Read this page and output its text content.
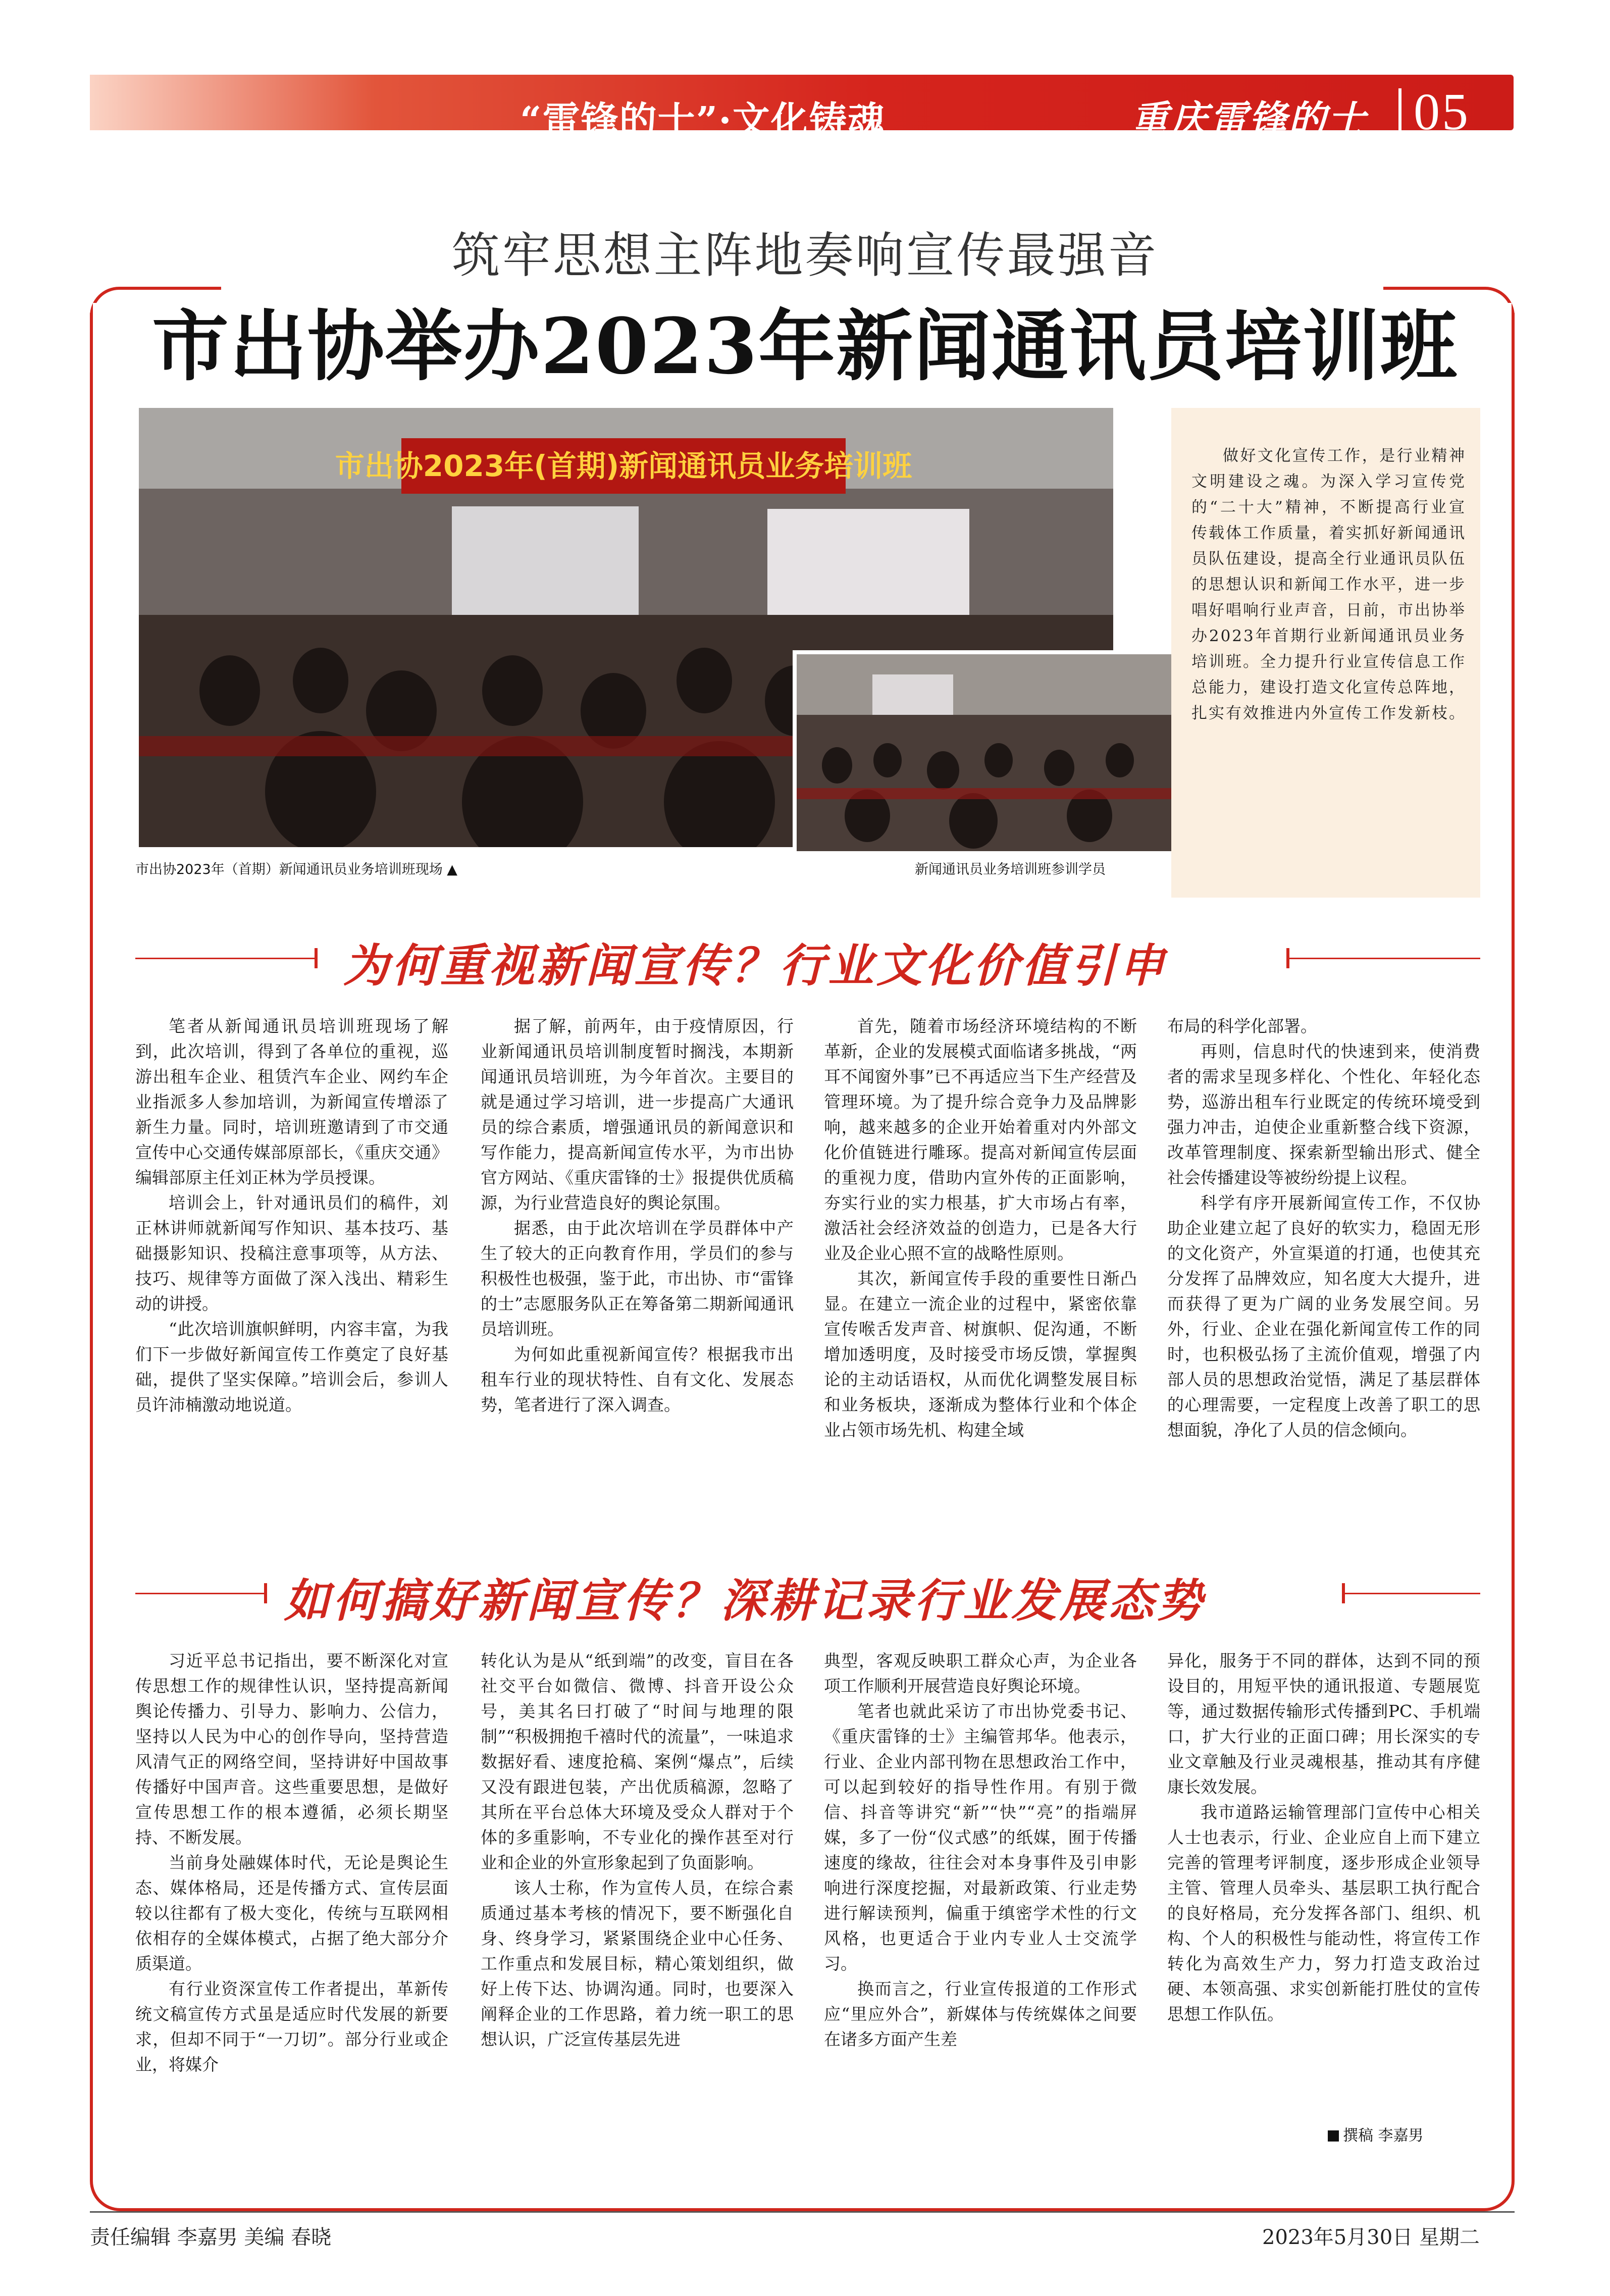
“雷锋的士”·文化铸魂	重庆雷锋的士 05
筑牢思想主阵地奏响宣传最强音
市出协举办2023年新闻通讯员培训班
市出协2023年(首期)新闻通讯员业务培训班
市出协2023年（首期）新闻通讯员业务培训班现场 ▲	新闻通讯员业务培训班参训学员

做好文化宣传工作，是行业精神文明建设之魂。为深入学习宣传党的“二十大”精神，不断提高行业宣传载体工作质量，着实抓好新闻通讯员队伍建设，提高全行业通讯员队伍的思想认识和新闻工作水平，进一步唱好唱响行业声音，日前，市出协举办2023年首期行业新闻通讯员业务培训班。全力提升行业宣传信息工作总能力，建设打造文化宣传总阵地，扎实有效推进内外宣传工作发新枝。

为何重视新闻宣传？行业文化价值引申

笔者从新闻通讯员培训班现场了解到，此次培训，得到了各单位的重视，巡游出租车企业、租赁汽车企业、网约车企业指派多人参加培训，为新闻宣传增添了新生力量。同时，培训班邀请到了市交通宣传中心交通传媒部原部长，《重庆交通》编辑部原主任刘正林为学员授课。

培训会上，针对通讯员们的稿件，刘正林讲师就新闻写作知识、基本技巧、基础摄影知识、投稿注意事项等，从方法、技巧、规律等方面做了深入浅出、精彩生动的讲授。

“此次培训旗帜鲜明，内容丰富，为我们下一步做好新闻宣传工作奠定了良好基础，提供了坚实保障。”培训会后，参训人员许沛楠激动地说道。

据了解，前两年，由于疫情原因，行业新闻通讯员培训制度暂时搁浅，本期新闻通讯员培训班，为今年首次。主要目的就是通过学习培训，进一步提高广大通讯员的综合素质，增强通讯员的新闻意识和写作能力，提高新闻宣传水平，为市出协官方网站、《重庆雷锋的士》报提供优质稿源，为行业营造良好的舆论氛围。

据悉，由于此次培训在学员群体中产生了较大的正向教育作用，学员们的参与积极性也极强，鉴于此，市出协、市“雷锋的士”志愿服务队正在筹备第二期新闻通讯员培训班。

为何如此重视新闻宣传？根据我市出租车行业的现状特性、自有文化、发展态势，笔者进行了深入调查。

首先，随着市场经济环境结构的不断革新，企业的发展模式面临诸多挑战，“两耳不闻窗外事”已不再适应当下生产经营及管理环境。为了提升综合竞争力及品牌影响，越来越多的企业开始着重对内外部文化价值链进行雕琢。提高对新闻宣传层面的重视力度，借助内宣外传的正面影响，夯实行业的实力根基，扩大市场占有率，激活社会经济效益的创造力，已是各大行业及企业心照不宣的战略性原则。

其次，新闻宣传手段的重要性日渐凸显。在建立一流企业的过程中，紧密依靠宣传喉舌发声音、树旗帜、促沟通，不断增加透明度，及时接受市场反馈，掌握舆论的主动话语权，从而优化调整发展目标和业务板块，逐渐成为整体行业和个体企业占领市场先机、构建全域

布局的科学化部署。

再则，信息时代的快速到来，使消费者的需求呈现多样化、个性化、年轻化态势，巡游出租车行业既定的传统环境受到强力冲击，迫使企业重新整合线下资源，改革管理制度、探索新型输出形式、健全社会传播建设等被纷纷提上议程。

科学有序开展新闻宣传工作，不仅协助企业建立起了良好的软实力，稳固无形的文化资产，外宣渠道的打通，也使其充分发挥了品牌效应，知名度大大提升，进而获得了更为广阔的业务发展空间。另外，行业、企业在强化新闻宣传工作的同时，也积极弘扬了主流价值观，增强了内部人员的思想政治觉悟，满足了基层群体的心理需要，一定程度上改善了职工的思想面貌，净化了人员的信念倾向。

如何搞好新闻宣传？深耕记录行业发展态势

习近平总书记指出，要不断深化对宣传思想工作的规律性认识，坚持提高新闻舆论传播力、引导力、影响力、公信力，坚持以人民为中心的创作导向，坚持营造风清气正的网络空间，坚持讲好中国故事传播好中国声音。这些重要思想，是做好宣传思想工作的根本遵循，必须长期坚持、不断发展。

当前身处融媒体时代，无论是舆论生态、媒体格局，还是传播方式、宣传层面较以往都有了极大变化，传统与互联网相依相存的全媒体模式，占据了绝大部分介质渠道。

有行业资深宣传工作者提出，革新传统文稿宣传方式虽是适应时代发展的新要求，但却不同于“一刀切”。部分行业或企业，将媒介

转化认为是从“纸到端”的改变，盲目在各社交平台如微信、微博、抖音开设公众号，美其名曰打破了“时间与地理的限制”“积极拥抱千禧时代的流量”，一味追求数据好看、速度抢稿、案例“爆点”，后续又没有跟进包装，产出优质稿源，忽略了其所在平台总体大环境及受众人群对于个体的多重影响，不专业化的操作甚至对行业和企业的外宣形象起到了负面影响。

该人士称，作为宣传人员，在综合素质通过基本考核的情况下，要不断强化自身、终身学习，紧紧围绕企业中心任务、工作重点和发展目标，精心策划组织，做好上传下达、协调沟通。同时，也要深入阐释企业的工作思路，着力统一职工的思想认识，广泛宣传基层先进

典型，客观反映职工群众心声，为企业各项工作顺利开展营造良好舆论环境。

笔者也就此采访了市出协党委书记、《重庆雷锋的士》主编管邦华。他表示，行业、企业内部刊物在思想政治工作中，可以起到较好的指导性作用。有别于微信、抖音等讲究“新”“快”“亮”的指端屏媒，多了一份“仪式感”的纸媒，囿于传播速度的缘故，往往会对本身事件及引申影响进行深度挖掘，对最新政策、行业走势进行解读预判，偏重于缜密学术性的行文风格，也更适合于业内专业人士交流学习。

换而言之，行业宣传报道的工作形式应“里应外合”，新媒体与传统媒体之间要在诸多方面产生差

异化，服务于不同的群体，达到不同的预设目的，用短平快的通讯报道、专题展览等，通过数据传输形式传播到PC、手机端口，扩大行业的正面口碑；用长深实的专业文章触及行业灵魂根基，推动其有序健康长效发展。

我市道路运输管理部门宣传中心相关人士也表示，行业、企业应自上而下建立完善的管理考评制度，逐步形成企业领导主管、管理人员牵头、基层职工执行配合的良好格局，充分发挥各部门、组织、机构、个人的积极性与能动性，将宣传工作转化为高效生产力，努力打造支政治过硬、本领高强、求实创新能打胜仗的宣传思想工作队伍。

撰稿 李嘉男
责任编辑 李嘉男 美编 春晓	2023年5月30日 星期二
